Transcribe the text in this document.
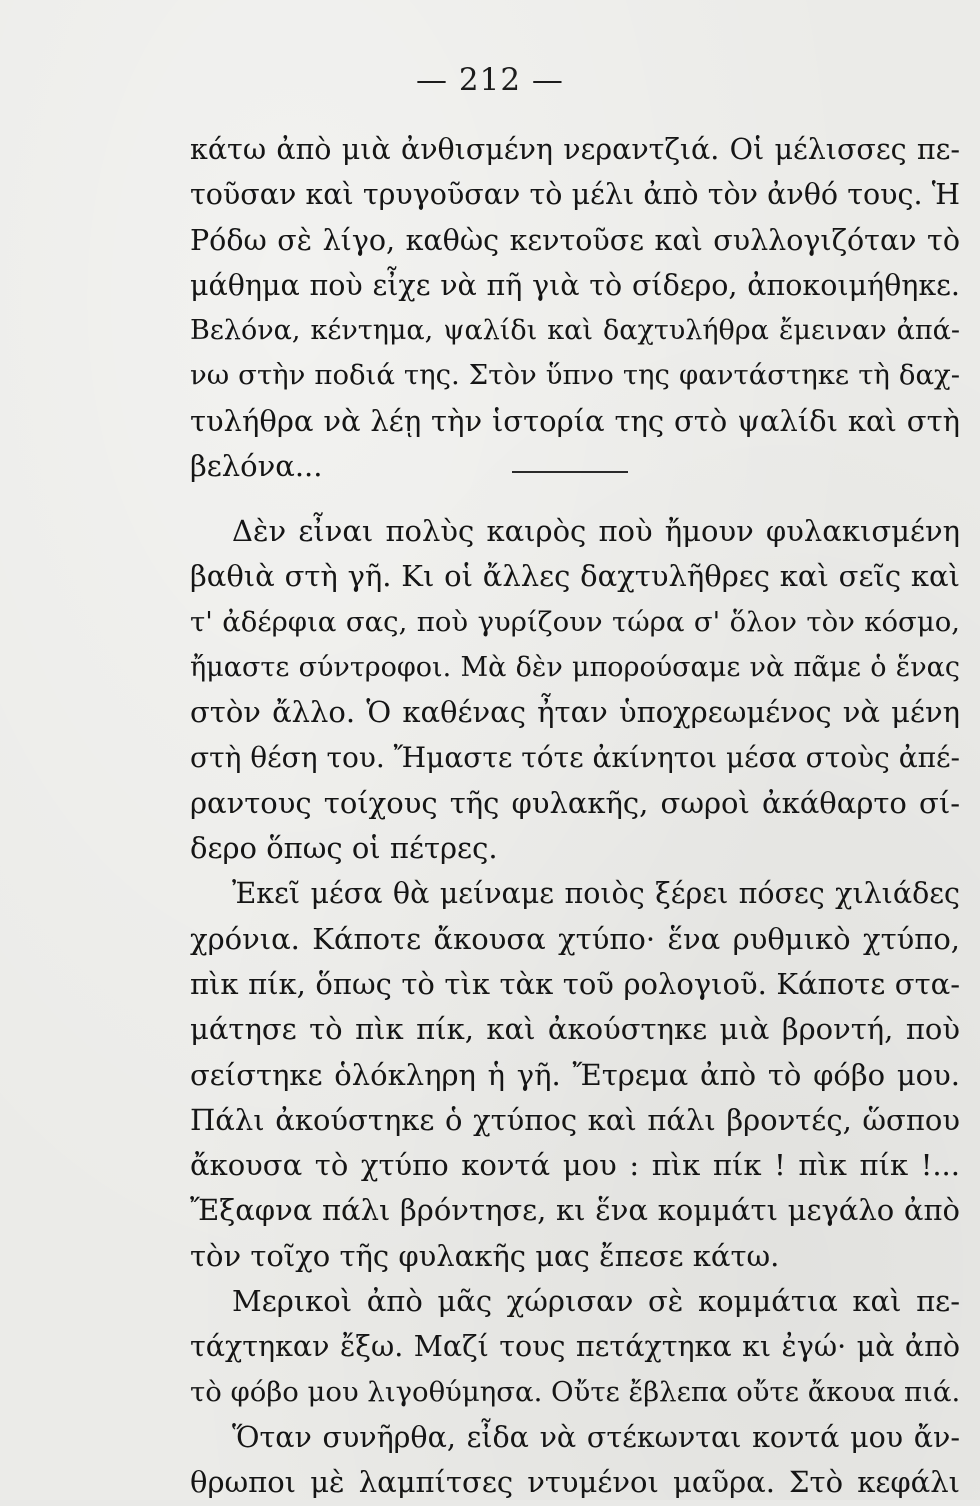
— 212 —
κάτω ἀπὸ μιὰ ἀνθισμένη νεραντζιά. Οἱ μέλισσες πε-
τοῦσαν καὶ τρυγοῦσαν τὸ μέλι ἀπὸ τὸν ἀνθό τους. Ἡ
Ρόδω σὲ λίγο, καθὼς κεντοῦσε καὶ συλλογιζόταν τὸ
μάθημα ποὺ εἶχε νὰ πῆ γιὰ τὸ σίδερο, ἀποκοιμήθηκε.
Βελόνα, κέντημα, ψαλίδι καὶ δαχτυλήθρα ἔμειναν ἀπά-
νω στὴν ποδιά της. Στὸν ὕπνο της φαντάστηκε τὴ δαχ-
τυλήθρα νὰ λέῃ τὴν ἱστορία της στὸ ψαλίδι καὶ στὴ
βελόνα...
Δὲν εἶναι πολὺς καιρὸς ποὺ ἤμουν φυλακισμένη
βαθιὰ στὴ γῆ. Κι οἱ ἄλλες δαχτυλῆθρες καὶ σεῖς καὶ
τ' ἀδέρφια σας, ποὺ γυρίζουν τώρα σ' ὅλον τὸν κόσμο,
ἤμαστε σύντροφοι. Μὰ δὲν μπορούσαμε νὰ πᾶμε ὁ ἕνας
στὸν ἄλλο. Ὁ καθένας ἦταν ὑποχρεωμένος νὰ μένη
στὴ θέση του. Ἤμαστε τότε ἀκίνητοι μέσα στοὺς ἀπέ-
ραντους τοίχους τῆς φυλακῆς, σωροὶ ἀκάθαρτο σί-
δερο ὅπως οἱ πέτρες.
Ἐκεῖ μέσα θὰ μείναμε ποιὸς ξέρει πόσες χιλιάδες
χρόνια. Κάποτε ἄκουσα χτύπο· ἕνα ρυθμικὸ χτύπο,
πὶκ πίκ, ὅπως τὸ τὶκ τὰκ τοῦ ρολογιοῦ. Κάποτε στα-
μάτησε τὸ πὶκ πίκ, καὶ ἀκούστηκε μιὰ βροντή, ποὺ
σείστηκε ὁλόκληρη ἡ γῆ. Ἔτρεμα ἀπὸ τὸ φόβο μου.
Πάλι ἀκούστηκε ὁ χτύπος καὶ πάλι βροντές, ὥσπου
ἄκουσα τὸ χτύπο κοντά μου : πὶκ πίκ ! πὶκ πίκ !...
Ἔξαφνα πάλι βρόντησε, κι ἕνα κομμάτι μεγάλο ἀπὸ
τὸν τοῖχο τῆς φυλακῆς μας ἔπεσε κάτω.
Μερικοὶ ἀπὸ μᾶς χώρισαν σὲ κομμάτια καὶ πε-
τάχτηκαν ἔξω. Μαζί τους πετάχτηκα κι ἐγώ· μὰ ἀπὸ
τὸ φόβο μου λιγοθύμησα. Οὔτε ἔβλεπα οὔτε ἄκουα πιά.
Ὅταν συνῆρθα, εἶδα νὰ στέκωνται κοντά μου ἄν-
θρωποι μὲ λαμπίτσες ντυμένοι μαῦρα. Στὸ κεφάλι
